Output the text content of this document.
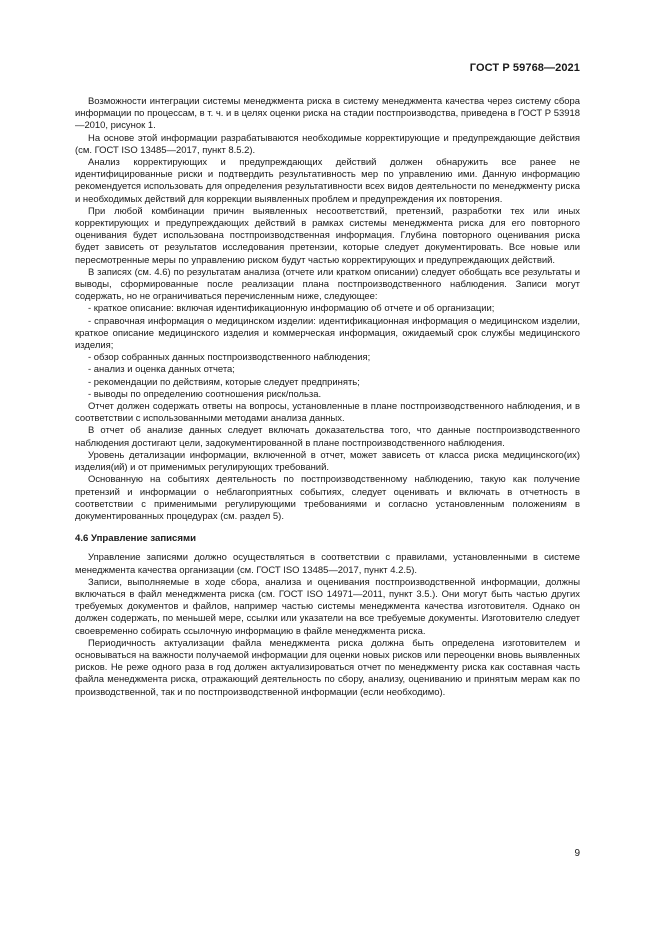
ГОСТ Р 59768—2021

Возможности интеграции системы менеджмента риска в систему менеджмента качества через систему сбора информации по процессам, в т. ч. и в целях оценки риска на стадии постпроизводства, приведена в ГОСТ Р 53918—2010, рисунок 1.

На основе этой информации разрабатываются необходимые корректирующие и предупреждающие действия (см. ГОСТ ISO 13485—2017, пункт 8.5.2).

Анализ корректирующих и предупреждающих действий должен обнаружить все ранее не идентифицированные риски и подтвердить результативность мер по управлению ими. Данную информацию рекомендуется использовать для определения результативности всех видов деятельности по менеджменту риска и необходимых действий для коррекции выявленных проблем и предупреждения их повторения.

При любой комбинации причин выявленных несоответствий, претензий, разработки тех или иных корректирующих и предупреждающих действий в рамках системы менеджмента риска для его повторного оценивания будет использована постпроизводственная информация. Глубина повторного оценивания риска будет зависеть от результатов исследования претензии, которые следует документировать. Все новые или пересмотренные меры по управлению риском будут частью корректирующих и предупреждающих действий.

В записях (см. 4.6) по результатам анализа (отчете или кратком описании) следует обобщать все результаты и выводы, сформированные после реализации плана постпроизводственного наблюдения. Записи могут содержать, но не ограничиваться перечисленным ниже, следующее:

- краткое описание: включая идентификационную информацию об отчете и об организации;

- справочная информация о медицинском изделии: идентификационная информация о медицинском изделии, краткое описание медицинского изделия и коммерческая информация, ожидаемый срок службы медицинского изделия;

- обзор собранных данных постпроизводственного наблюдения;

- анализ и оценка данных отчета;

- рекомендации по действиям, которые следует предпринять;

- выводы по определению соотношения риск/польза.

Отчет должен содержать ответы на вопросы, установленные в плане постпроизводственного наблюдения, и в соответствии с использованными методами анализа данных.

В отчет об анализе данных следует включать доказательства того, что данные постпроизводственного наблюдения достигают цели, задокументированной в плане постпроизводственного наблюдения.

Уровень детализации информации, включенной в отчет, может зависеть от класса риска медицинского(их) изделия(ий) и от применимых регулирующих требований.

Основанную на событиях деятельность по постпроизводственному наблюдению, такую как получение претензий и информации о неблагоприятных событиях, следует оценивать и включать в отчетность в соответствии с применимыми регулирующими требованиями и согласно установленным положениям в документированных процедурах (см. раздел 5).

4.6 Управление записями

Управление записями должно осуществляться в соответствии с правилами, установленными в системе менеджмента качества организации (см. ГОСТ ISO 13485—2017, пункт 4.2.5).

Записи, выполняемые в ходе сбора, анализа и оценивания постпроизводственной информации, должны включаться в файл менеджмента риска (см. ГОСТ ISO 14971—2011, пункт 3.5.). Они могут быть частью других требуемых документов и файлов, например частью системы менеджмента качества изготовителя. Однако он должен содержать, по меньшей мере, ссылки или указатели на все требуемые документы. Изготовителю следует своевременно собирать ссылочную информацию в файле менеджмента риска.

Периодичность актуализации файла менеджмента риска должна быть определена изготовителем и основываться на важности получаемой информации для оценки новых рисков или переоценки вновь выявленных рисков. Не реже одного раза в год должен актуализироваться отчет по менеджменту риска как составная часть файла менеджмента риска, отражающий деятельность по сбору, анализу, оцениванию и принятым мерам как по производственной, так и по постпроизводственной информации (если необходимо).

9
